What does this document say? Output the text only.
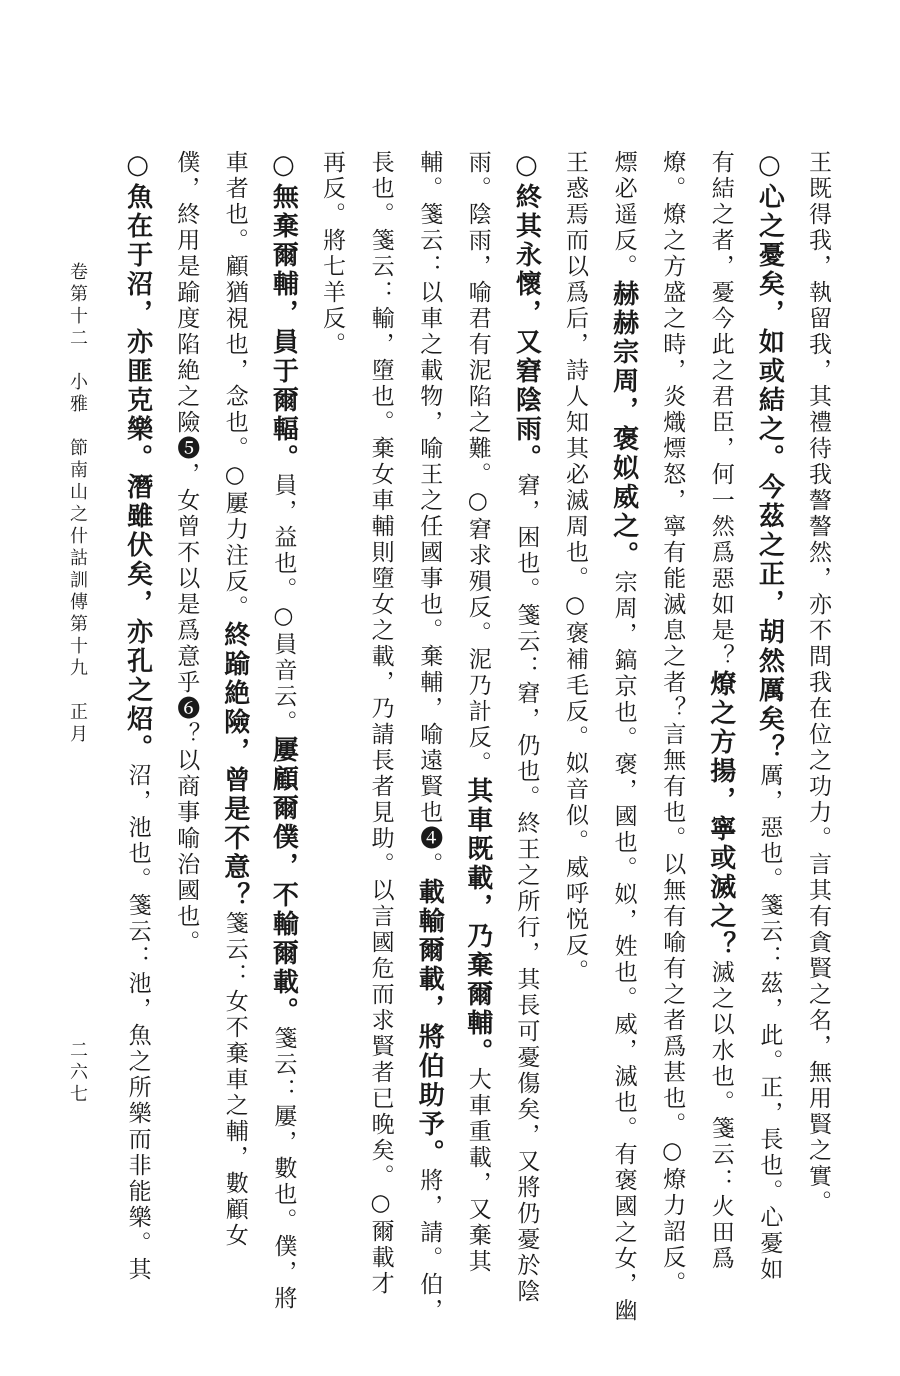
卷第十二　小雅　節南山之什詁訓傳第十九　正月
二六七	王既得我，執留我，其禮待我謷謷然，亦不問我在位之功力。言其有貪賢之名，無用賢之實。
○心之憂矣，如或結之。今茲之正，胡然厲矣？厲，惡也。箋云：茲，此。正，長也。心憂如
有結之者，憂今此之君臣，何一然爲惡如是？燎之方揚，寧或滅之？滅之以水也。箋云：火田爲
燎。燎之方盛之時，炎熾熛怒，寧有能滅息之者？言無有也。以無有喻有之者爲甚也。○燎力詔反。
熛必遥反。赫赫宗周，褒姒威之。宗周，鎬京也。褒，國也。姒，姓也。威，滅也。有褒國之女，幽
王惑焉而以爲后，詩人知其必滅周也。○褒補毛反。姒音似。威呼悦反。
○終其永懷，又窘陰雨。窘，困也。箋云：窘，仍也。終王之所行，其長可憂傷矣，又將仍憂於陰
雨。陰雨，喻君有泥陷之難。○窘求殞反。泥乃計反。其車既載，乃棄爾輔。大車重載，又棄其
輔。箋云：以車之載物，喻王之任國事也。棄輔，喻遠賢也❹。載輸爾載，將伯助予。將，請。伯，
長也。箋云：輸，墮也。棄女車輔則墮女之載，乃請長者見助。以言國危而求賢者已晚矣。○爾載才
再反。將七羊反。
○無棄爾輔，員于爾輻。員，益也。○員音云。屢顧爾僕，不輸爾載。箋云：屢，數也。僕，將
車者也。顧猶視也，念也。○屢力注反。終踰絶險，曾是不意？箋云：女不棄車之輔，數顧女
僕，終用是踰度陷絶之險❺，女曾不以是爲意乎❻？以商事喻治國也。
○魚在于沼，亦匪克樂。潛雖伏矣，亦孔之炤。沼，池也。箋云：池，魚之所樂而非能樂。其
